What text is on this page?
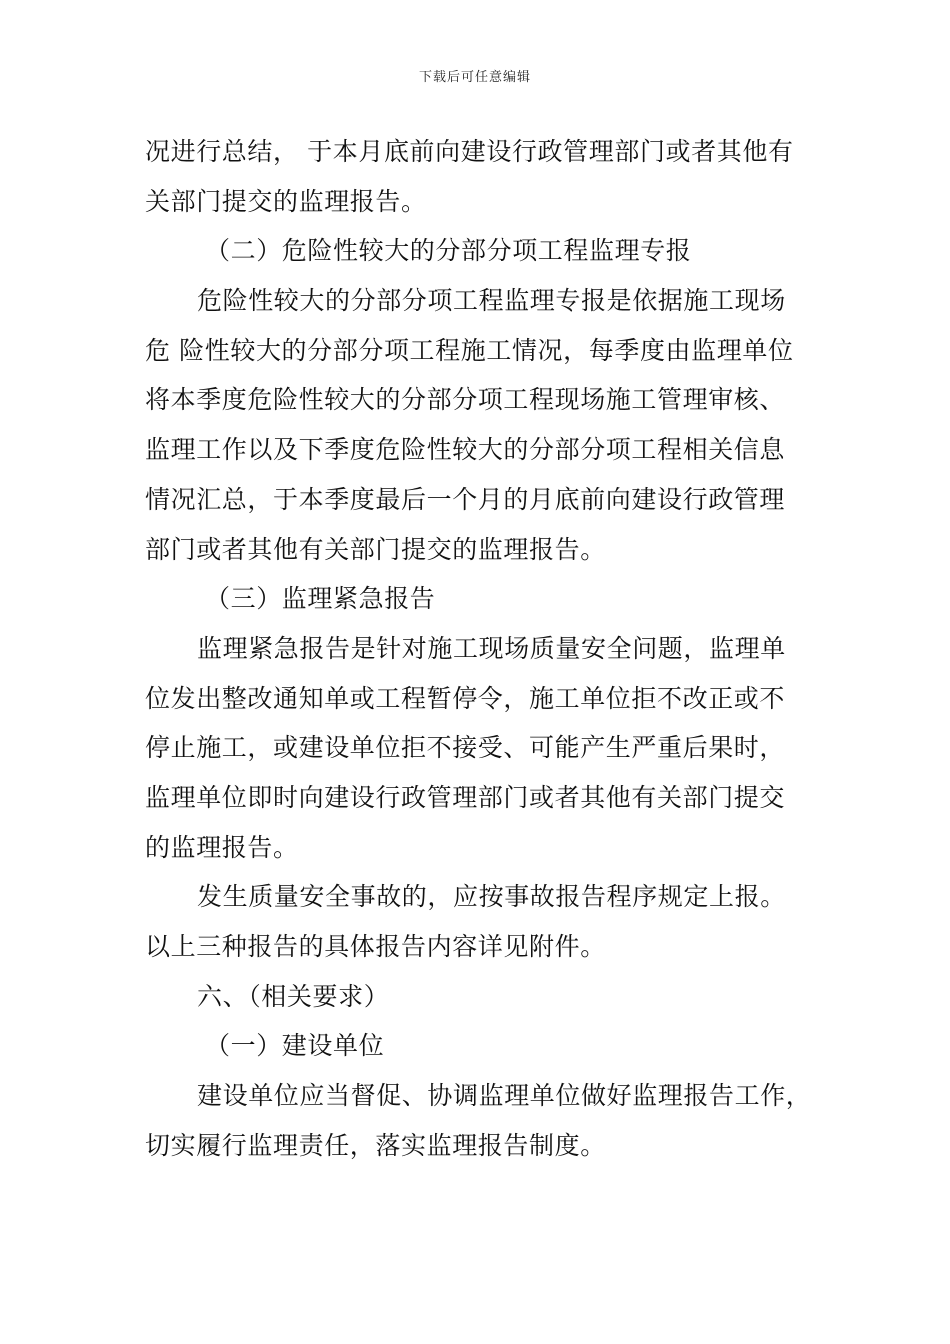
下载后可任意编辑
况进行总结， 于本月底前向建设行政管理部门或者其他有
关部门提交的监理报告。
（二）危险性较大的分部分项工程监理专报
危险性较大的分部分项工程监理专报是依据施工现场
危 险性较大的分部分项工程施工情况，每季度由监理单位
将本季度危险性较大的分部分项工程现场施工管理审核、
监理工作以及下季度危险性较大的分部分项工程相关信息
情况汇总，于本季度最后一个月的月底前向建设行政管理
部门或者其他有关部门提交的监理报告。
（三）监理紧急报告
监理紧急报告是针对施工现场质量安全问题，监理单
位发出整改通知单或工程暂停令，施工单位拒不改正或不
停止施工，或建设单位拒不接受、可能产生严重后果时，
监理单位即时向建设行政管理部门或者其他有关部门提交
的监理报告。
发生质量安全事故的，应按事故报告程序规定上报。
以上三种报告的具体报告内容详见附件。
六、（相关要求）
（一）建设单位
建设单位应当督促、协调监理单位做好监理报告工作，
切实履行监理责任，落实监理报告制度。
